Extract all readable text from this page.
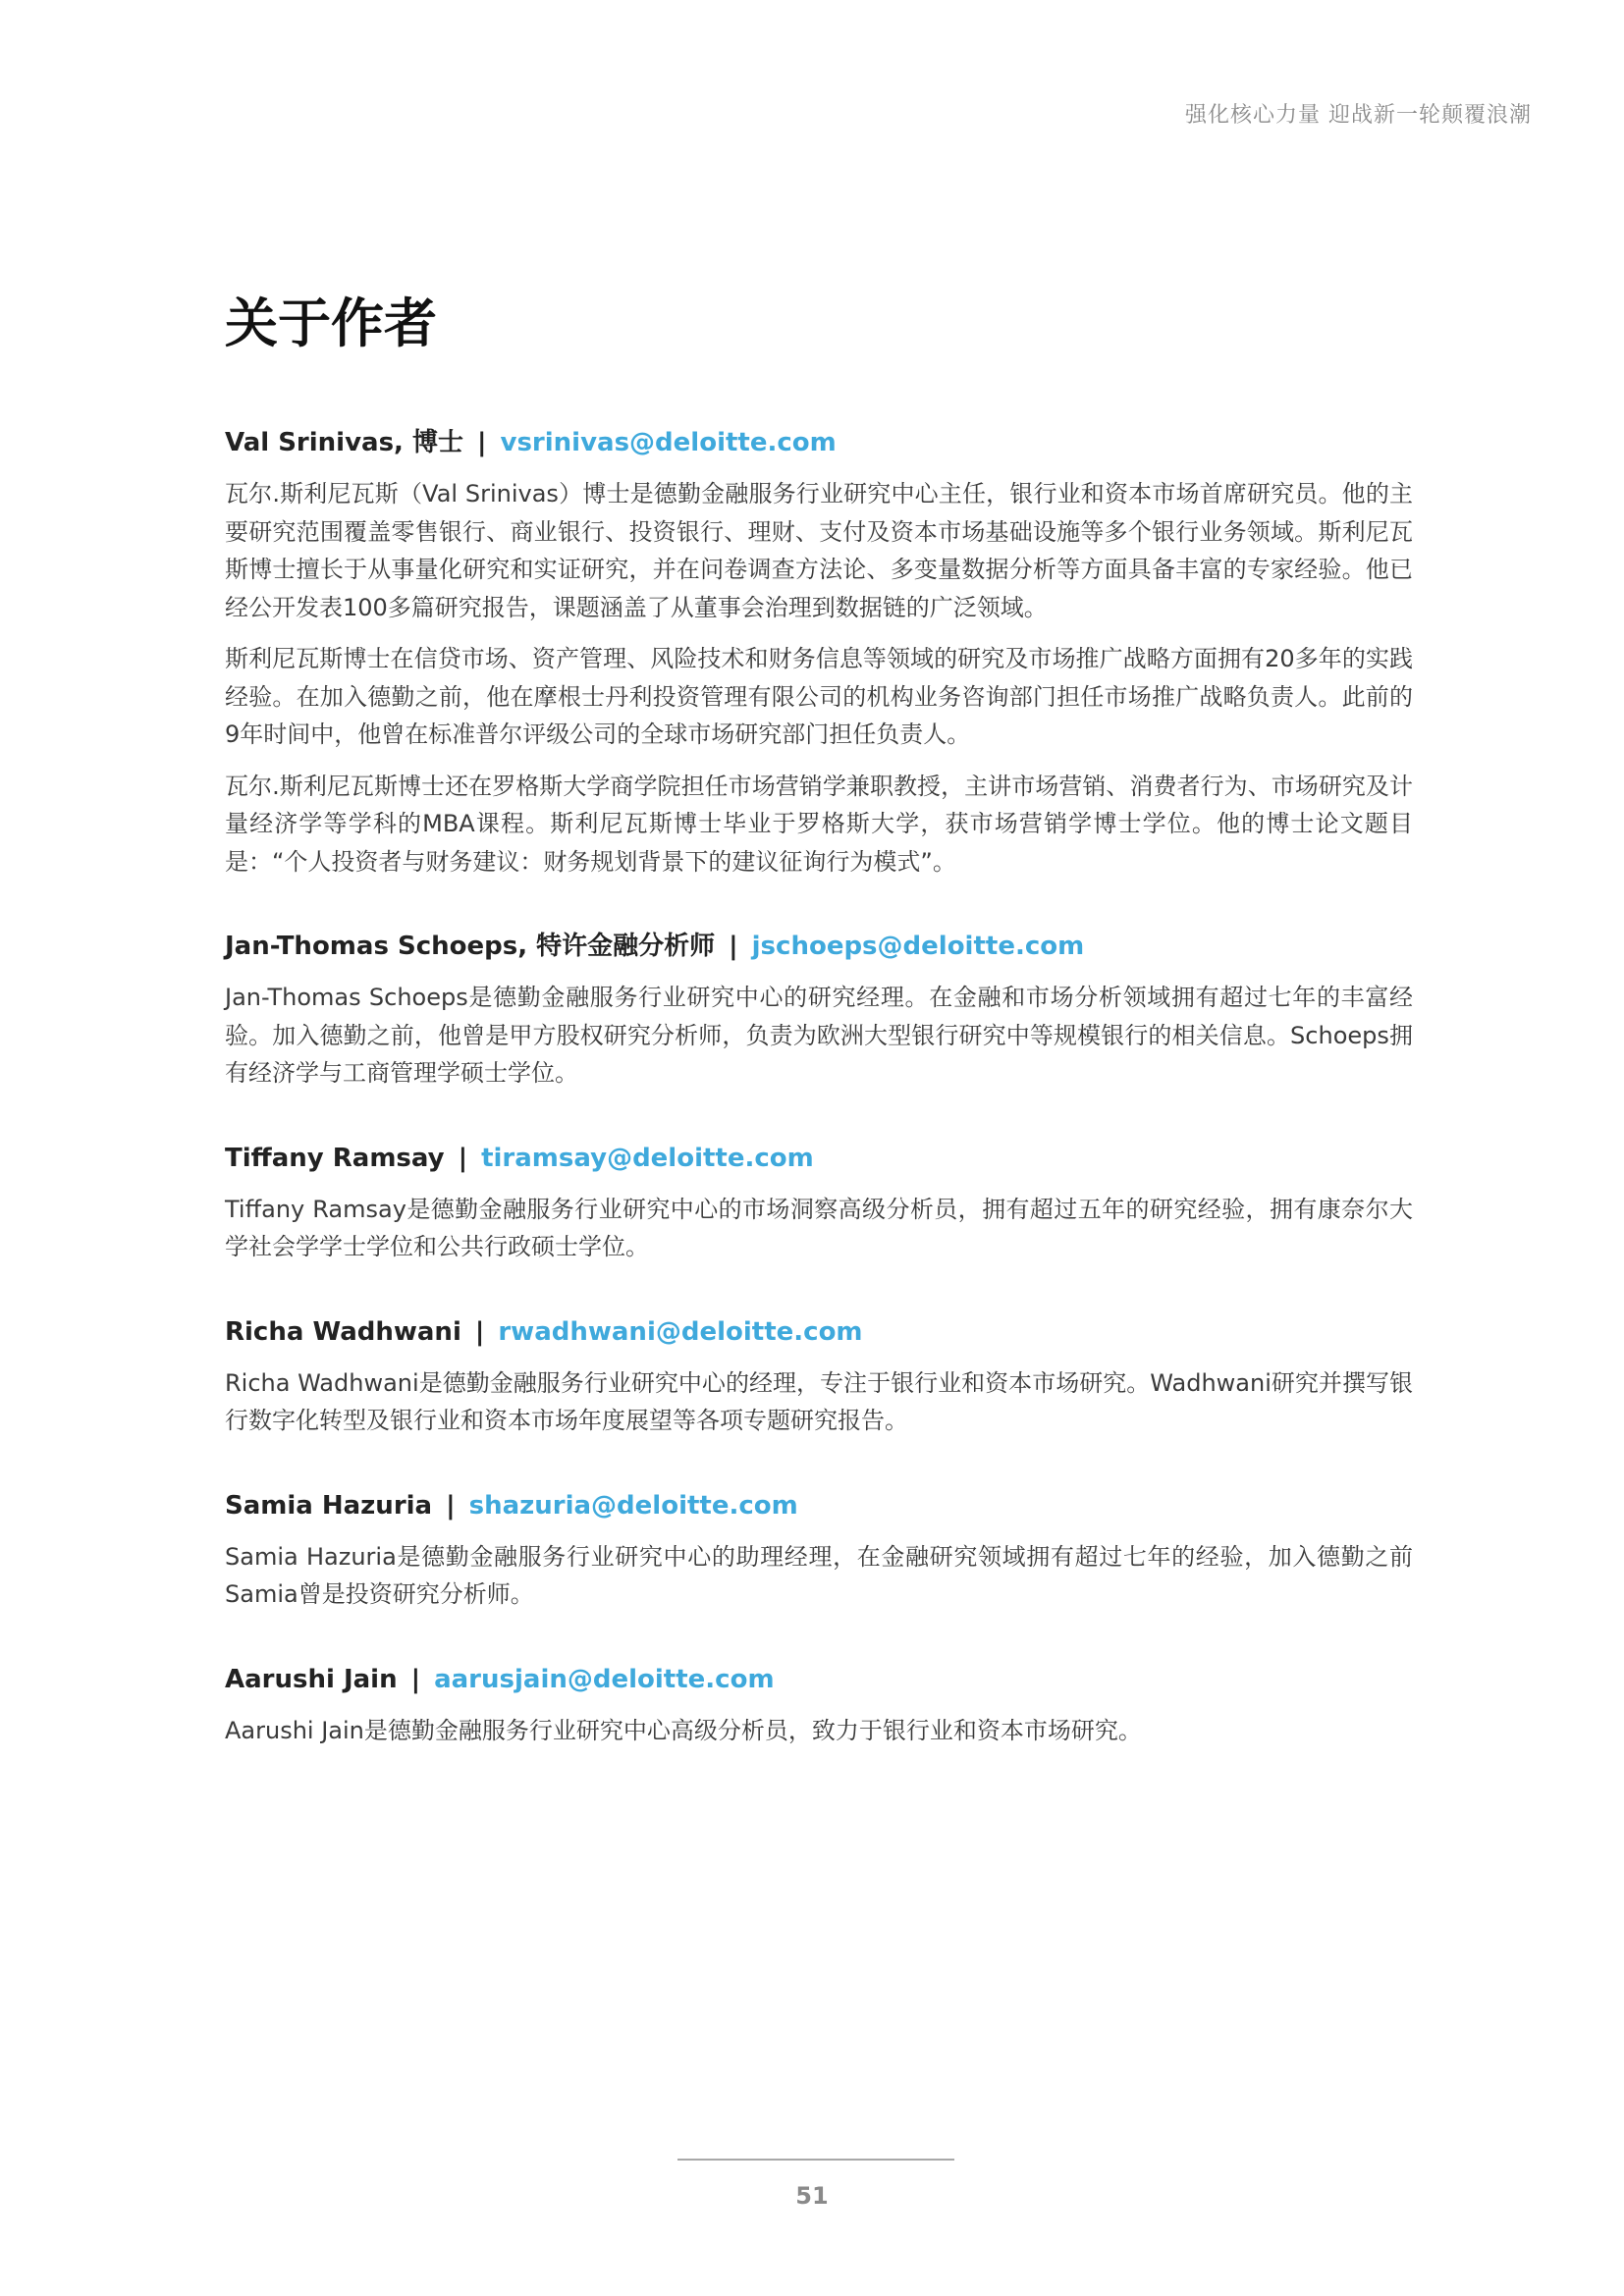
强化核心力量 迎战新一轮颠覆浪潮
关于作者

Val Srinivas, 博士 | vsrinivas@deloitte.com

瓦尔.斯利尼瓦斯（Val Srinivas）博士是德勤金融服务行业研究中心主任，银行业和资本市场首席研究员。他的主要研究范围覆盖零售银行、商业银行、投资银行、理财、支付及资本市场基础设施等多个银行业务领域。斯利尼瓦斯博士擅长于从事量化研究和实证研究，并在问卷调查方法论、多变量数据分析等方面具备丰富的专家经验。他已经公开发表100多篇研究报告，课题涵盖了从董事会治理到数据链的广泛领域。

斯利尼瓦斯博士在信贷市场、资产管理、风险技术和财务信息等领域的研究及市场推广战略方面拥有20多年的实践经验。在加入德勤之前，他在摩根士丹利投资管理有限公司的机构业务咨询部门担任市场推广战略负责人。此前的9年时间中，他曾在标准普尔评级公司的全球市场研究部门担任负责人。

瓦尔.斯利尼瓦斯博士还在罗格斯大学商学院担任市场营销学兼职教授，主讲市场营销、消费者行为、市场研究及计量经济学等学科的MBA课程。斯利尼瓦斯博士毕业于罗格斯大学，获市场营销学博士学位。他的博士论文题目是：“个人投资者与财务建议：财务规划背景下的建议征询行为模式”。

Jan-Thomas Schoeps, 特许金融分析师 | jschoeps@deloitte.com

Jan-Thomas Schoeps是德勤金融服务行业研究中心的研究经理。在金融和市场分析领域拥有超过七年的丰富经验。加入德勤之前，他曾是甲方股权研究分析师，负责为欧洲大型银行研究中等规模银行的相关信息。Schoeps拥有经济学与工商管理学硕士学位。

Tiffany Ramsay | tiramsay@deloitte.com

Tiffany Ramsay是德勤金融服务行业研究中心的市场洞察高级分析员，拥有超过五年的研究经验，拥有康奈尔大学社会学学士学位和公共行政硕士学位。

Richa Wadhwani | rwadhwani@deloitte.com

Richa Wadhwani是德勤金融服务行业研究中心的经理，专注于银行业和资本市场研究。Wadhwani研究并撰写银行数字化转型及银行业和资本市场年度展望等各项专题研究报告。

Samia Hazuria | shazuria@deloitte.com

Samia Hazuria是德勤金融服务行业研究中心的助理经理，在金融研究领域拥有超过七年的经验，加入德勤之前Samia曾是投资研究分析师。

Aarushi Jain | aarusjain@deloitte.com

Aarushi Jain是德勤金融服务行业研究中心高级分析员，致力于银行业和资本市场研究。

51
